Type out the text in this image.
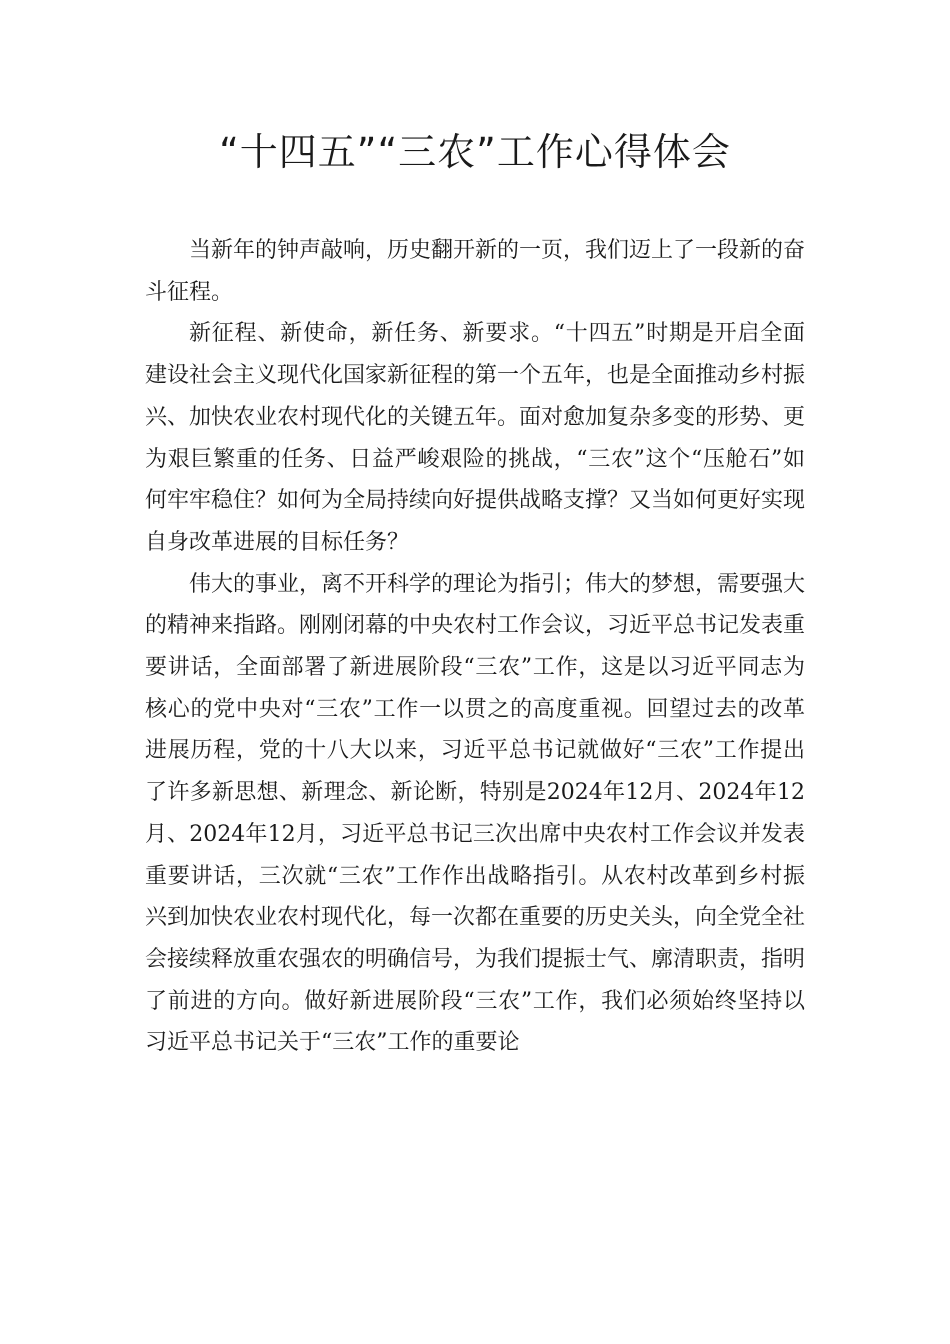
“十四五”“三农”工作心得体会

当新年的钟声敲响，历史翻开新的一页，我们迈上了一段新的奋斗征程。

新征程、新使命，新任务、新要求。“十四五”时期是开启全面建设社会主义现代化国家新征程的第一个五年，也是全面推动乡村振兴、加快农业农村现代化的关键五年。面对愈加复杂多变的形势、更为艰巨繁重的任务、日益严峻艰险的挑战，“三农”这个“压舱石”如何牢牢稳住？如何为全局持续向好提供战略支撑？又当如何更好实现自身改革进展的目标任务？

伟大的事业，离不开科学的理论为指引；伟大的梦想，需要强大的精神来指路。刚刚闭幕的中央农村工作会议，习近平总书记发表重要讲话，全面部署了新进展阶段“三农”工作，这是以习近平同志为核心的党中央对“三农”工作一以贯之的高度重视。回望过去的改革进展历程，党的十八大以来，习近平总书记就做好“三农”工作提出了许多新思想、新理念、新论断，特别是2024年12月、2024年12月、2024年12月，习近平总书记三次出席中央农村工作会议并发表重要讲话，三次就“三农”工作作出战略指引。从农村改革到乡村振兴到加快农业农村现代化，每一次都在重要的历史关头，向全党全社会接续释放重农强农的明确信号，为我们提振士气、廓清职责，指明了前进的方向。做好新进展阶段“三农”工作，我们必须始终坚持以习近平总书记关于“三农”工作的重要论
